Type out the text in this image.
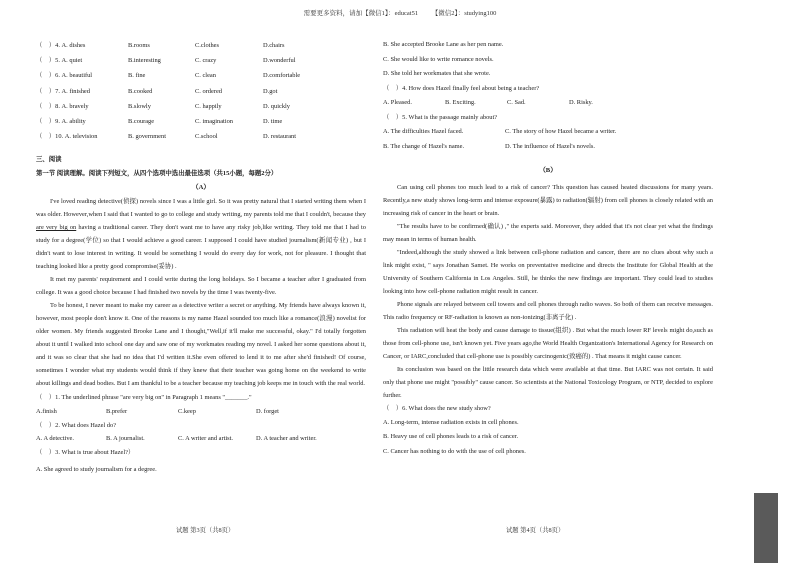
需要更多资料，请加【微信1】：educat51 【微信2】：studying100
（　）4. A. dishes	B.rooms	C.clothes	D.chairs
（　）5. A. quiet	B.interesting	C. crazy	D.wonderful
（　）6. A. beautiful	B. fine	C. clean	D.comfortable
（　）7. A. finished	B.cooked	C. ordered	D.got
（　）8. A. bravely	B.slowly	C. happily	D. quickly
（　）9. A. ability	B.courage	C. imagination	D. time
（　）10. A. television	B. government	C.school	D. restaurant
三、阅读
第一节 阅读理解。阅读下列短文，从四个选项中选出最佳选项（共15小题，每题2分）
（A）

I've loved reading detective(侦探) novels since I was a little girl. So it was pretty natural that I started writing them when I was older. However,when I said that I wanted to go to college and study writing, my parents told me that I couldn't, because they are very big on having a traditional career. They don't want me to have any risky job,like writing. They told me that I had to study for a degree(学位) so that I would achieve a good career. I supposed I could have studied journalism(新闻专业) , but I didn't want to lose interest in writing. It would be something I would do every day for work, not for pleasure. I thought that teaching looked like a pretty good compromise(妥协) .

It met my parents' requirement and I could write during the long holidays. So I became a teacher after I graduated from college. It was a good choice because I had finished two novels by the time I was twenty-five.

To be honest, I never meant to make my career as a detective writer a secret or anything. My friends have always known it, however, most people don't know it. One of the reasons is my name Hazel sounded too much like a romance(浪漫) novelist for older women. My friends suggested Brooke Lane and I thought,"Well,if it'll make me successful, okay." I'd totally forgotten about it until I walked into school one day and saw one of my workmates reading my novel. I asked her some questions about it, and it was so clear that she had no idea that I'd written it.She even offered to lend it to me after she'd finished! Of course, sometimes I wonder what my students would think if they knew that their teacher was going home on the weekend to write about killings and dead bodies. But I am thankful to be a teacher because my teaching job keeps me in touch with the real world.

（　）1. The underlined phrase "are very big on" in Paragraph 1 means "_______."
A.finish	B.prefer	C.keep	D. forget
（　）2. What does Hazel do?
A. A detective.	B. A journalist.	C. A writer and artist.	D. A teacher and writer.
（　）3. What is true about Hazel?）
A. She agreed to study journalism for a degree.
试题 第3页（共8页）
B. She accepted Brooke Lane as her pen name.
C. She would like to write romance novels.
D. She told her workmates that she wrote.
（　）4. How does Hazel finally feel about being a teacher?
A. Pleased.	B. Exciting.	C. Sad.	D. Risky.
（　）5. What is the passage mainly about?
A. The difficulties Hazel faced.	C. The story of how Hazel became a writer.
B. The change of Hazel's name.	D. The influence of Hazel's novels.
（B）

Can using cell phones too much lead to a risk of cancer? This question has caused heated discussions for many years. Recently,a new study shows long-term and intense exposure(暴露) to radiation(辐射) from cell phones is closely related with an increasing risk of cancer in the heart or brain.

"The results have to be confirmed(确认) ," the experts said. Moreover, they added that it's not clear yet what the findings may mean in terms of human health.

"Indeed,although the study showed a link between cell-phone radiation and cancer, there are no clues about why such a link might exist, " says Jonathan Samet. He works on preventative medicine and directs the Institute for Global Health at the University of Southern California in Los Angeles. Still, he thinks the new findings are important. They could lead to studies looking into how cell-phone radiation might result in cancer.

Phone signals are relayed between cell towers and cell phones through radio waves. So both of them can receive messages. This radio frequency or RF-radiation is known as non-ionizing(非离子化) .

This radiation will heat the body and cause damage to tissue(组织) . But what the much lower RF levels might do,such as those from cell-phone use, isn't known yet. Five years ago,the World Health Organization's International Agency for Research on Cancer, or IARC,concluded that cell-phone use is possibly carcinogenic(致癌的) . That means it might cause cancer.

Its conclusion was based on the little research data which were available at that time. But IARC was not certain. It said only that phone use might "possibly" cause cancer. So scientists at the National Toxicology Program, or NTP, decided to explore further.

（　）6. What does the new study show?
A. Long-term, intense radiation exists in cell phones.
B. Heavy use of cell phones leads to a risk of cancer.
C. Cancer has nothing to do with the use of cell phones.
试题 第4页（共8页）
